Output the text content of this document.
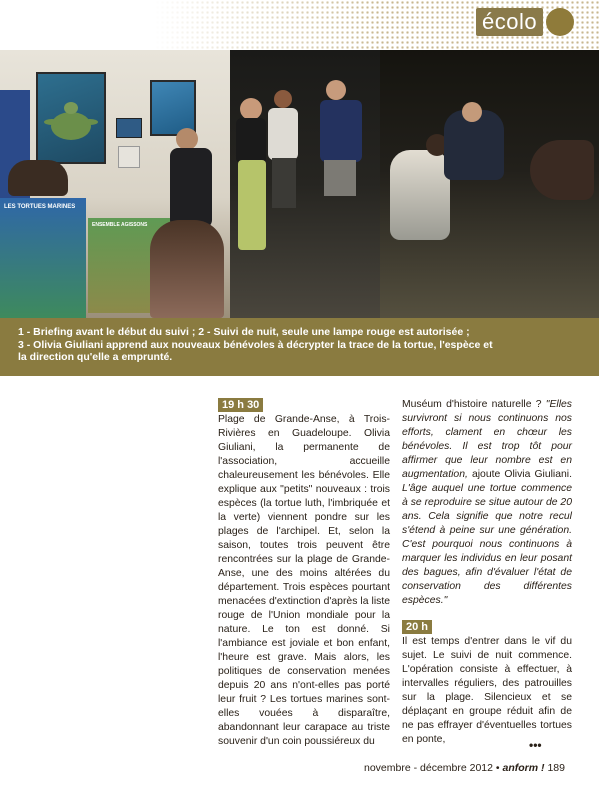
écolo
LES TORTUES MARINES
ENSEMBLE AGISSONS

1 - Briefing avant le début du suivi ; 2 - Suivi de nuit, seule une lampe rouge est autorisée ;

3 - Olivia Giuliani apprend aux nouveaux bénévoles à décrypter la trace de la tortue, l'espèce et

la direction qu'elle a emprunté.

19 h 30

Plage de Grande-Anse, à Trois-Rivières en Guadeloupe. Olivia Giuliani, la permanente de l'association, accueille chaleureusement les bénévoles. Elle explique aux "petits" nouveaux : trois espèces (la tortue luth, l'imbriquée et la verte) viennent pondre sur les plages de l'archipel. Et, selon la saison, toutes trois peuvent être rencontrées sur la plage de Grande-Anse, une des moins altérées du département. Trois espèces pourtant menacées d'extinction d'après la liste rouge de l'Union mondiale pour la nature. Le ton est donné. Si l'ambiance est joviale et bon enfant, l'heure est grave. Mais alors, les politiques de conservation menées depuis 20 ans n'ont-elles pas porté leur fruit ? Les tortues marines sont-elles vouées à disparaître, abandonnant leur carapace au triste souvenir d'un coin poussiéreux du

Muséum d'histoire naturelle ? "Elles survivront si nous continuons nos efforts, clament en chœur les bénévoles. Il est trop tôt pour affirmer que leur nombre est en augmentation, ajoute Olivia Giuliani. L'âge auquel une tortue commence à se reproduire se situe autour de 20 ans. Cela signifie que notre recul s'étend à peine sur une génération. C'est pourquoi nous continuons à marquer les individus en leur posant des bagues, afin d'évaluer l'état de conservation des différentes espèces."

20 h

Il est temps d'entrer dans le vif du sujet. Le suivi de nuit commence. L'opération consiste à effectuer, à intervalles réguliers, des patrouilles sur la plage. Silencieux et se déplaçant en groupe réduit afin de ne pas effrayer d'éventuelles tortues en ponte,	•••
novembre - décembre 2012 • anform ! 189
